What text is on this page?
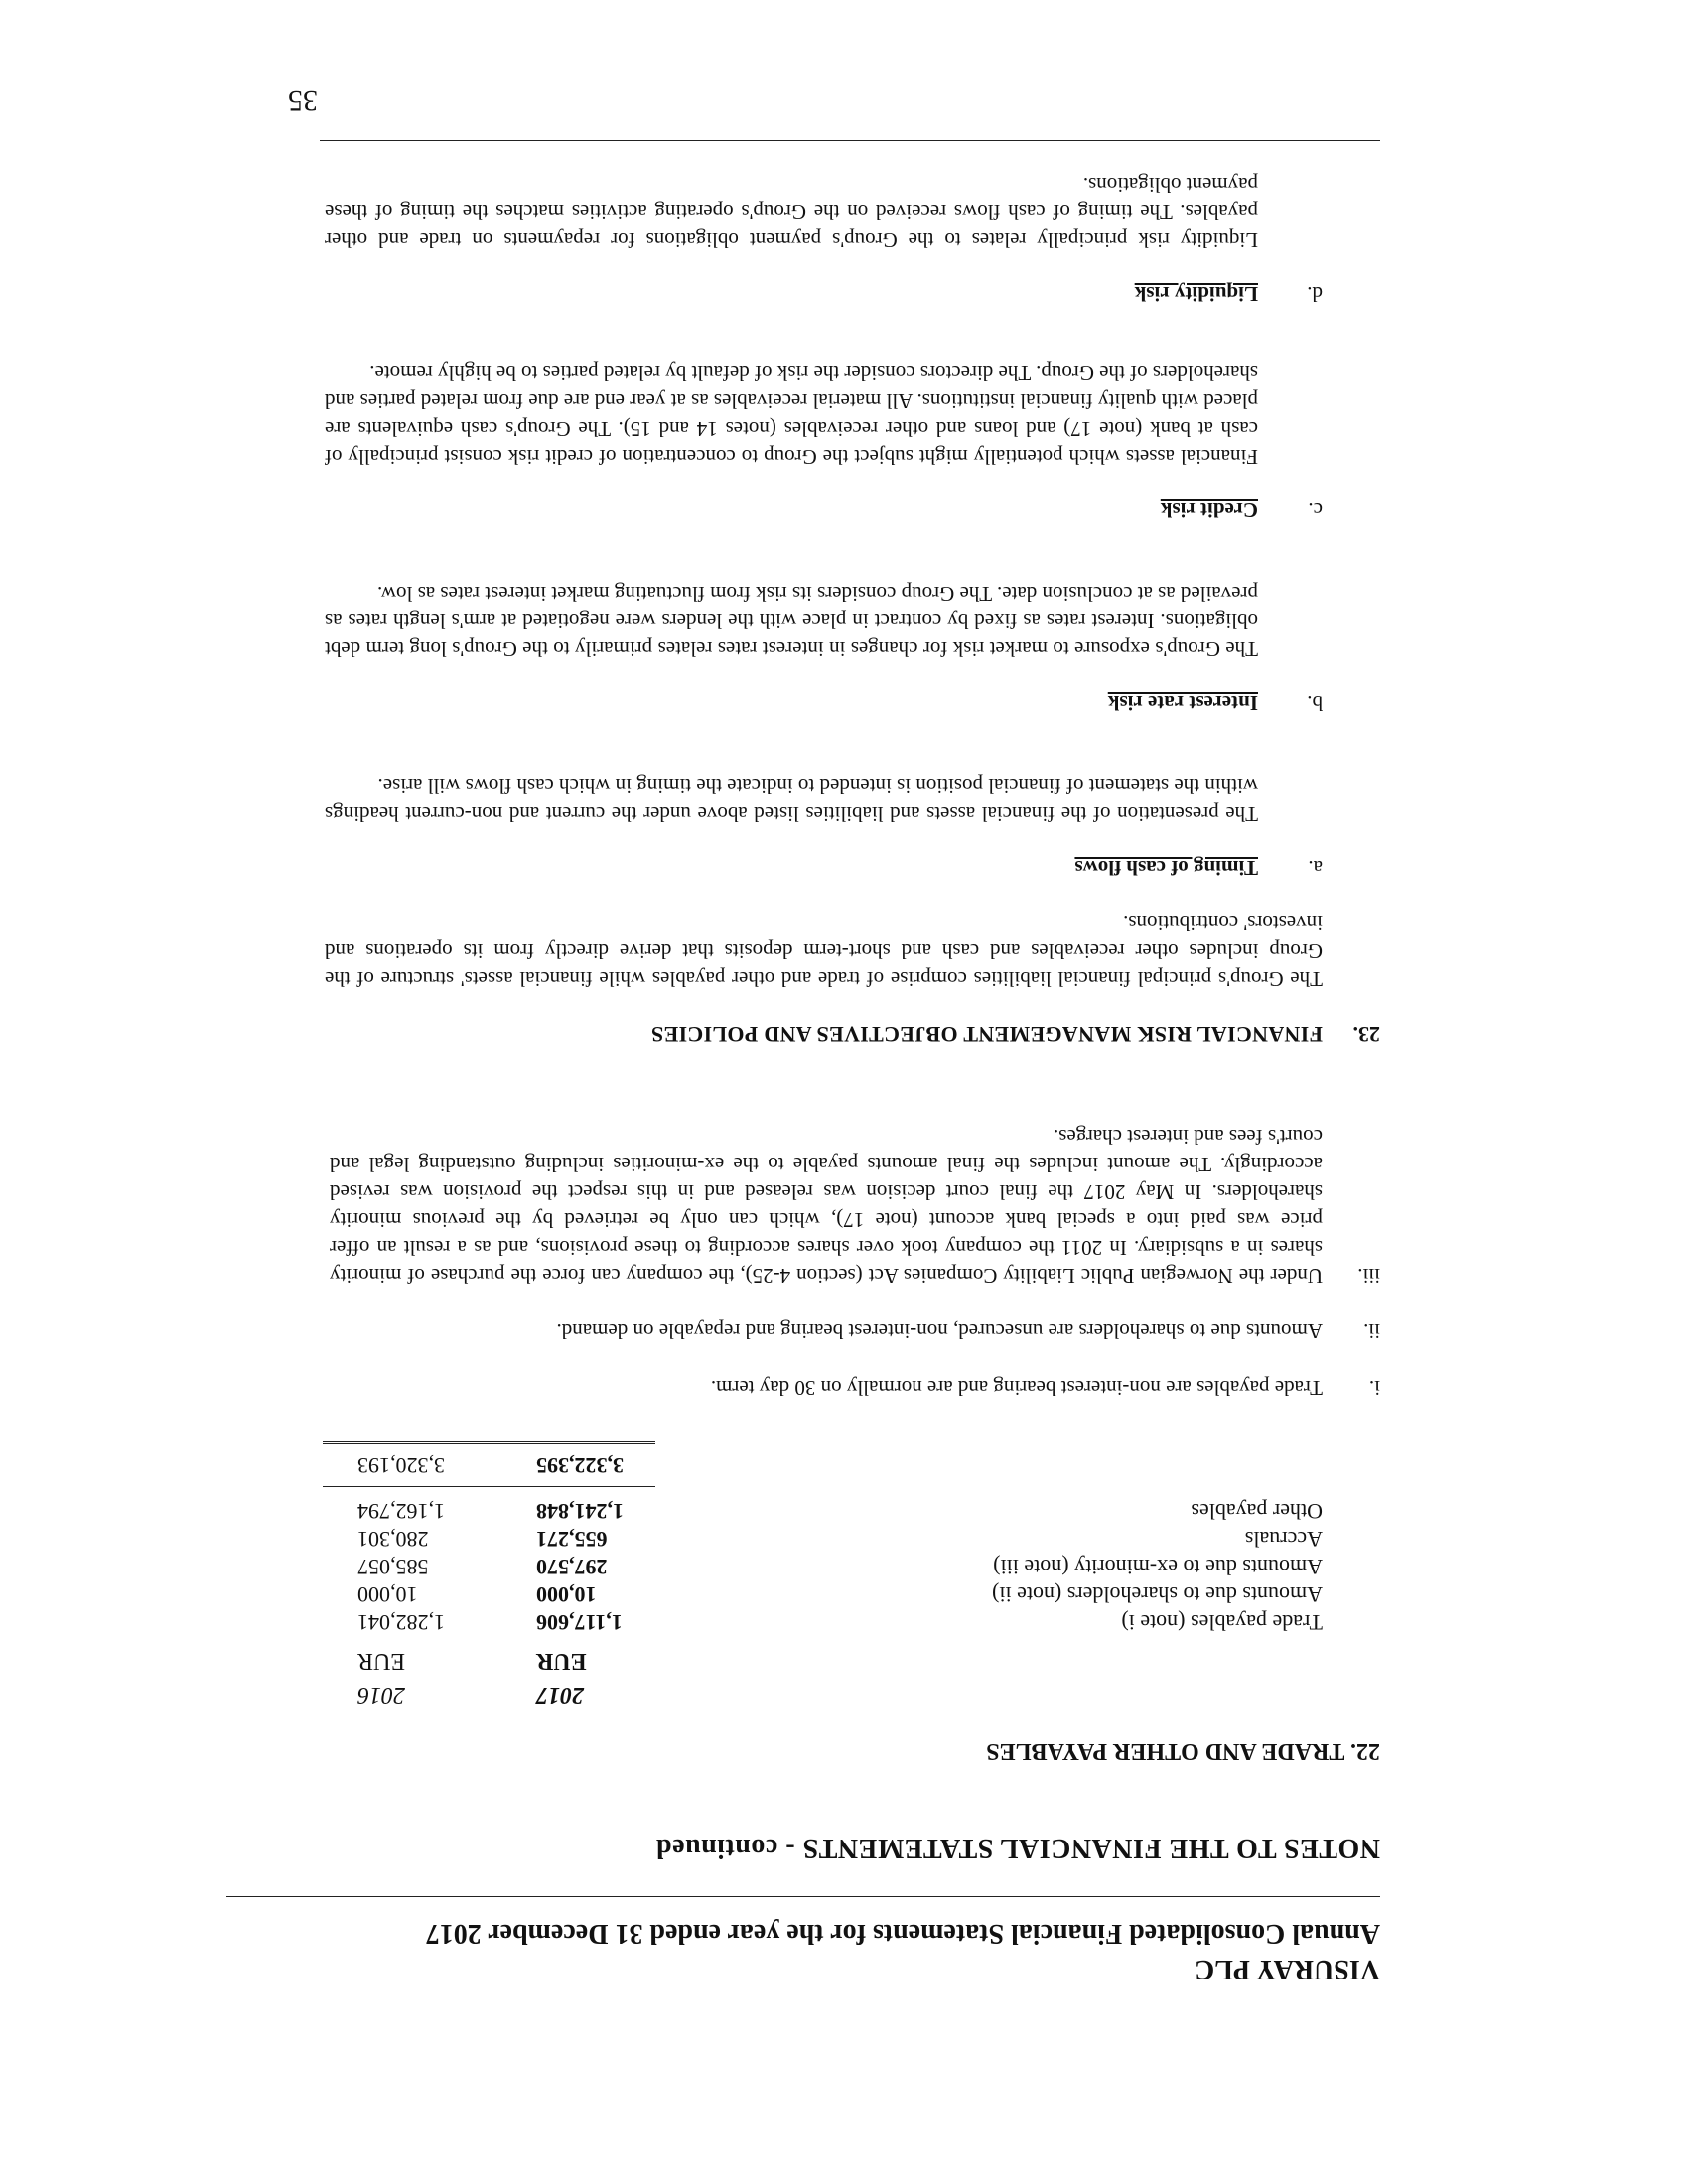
VISURAY PLC
Annual Consolidated Financial Statements for the year ended 31 December 2017
NOTES TO THE FINANCIAL STATEMENTS - continued
22. TRADE AND OTHER PAYABLES
2017
2016
EUR
EUR
Trade payables (note i)
1,117,606
1,282,041
Amounts due to shareholders (note ii)
10,000
10,000
Amounts due to ex-minority (note iii)
297,570
585,057
Accruals
655,271
280,301
Other payables
1,241,848
1,162,794
3,322,395
3,320,193
i.
Trade payables are non-interest bearing and are normally on 30 day term.
ii.
Amounts due to shareholders are unsecured, non-interest bearing and repayable on demand.
iii.
Under the Norwegian Public Liability Companies Act (section 4-25), the company can force the purchase of minority shares in a subsidiary. In 2011 the company took over shares according to these provisions, and as a result an offer price was paid into a special bank account (note 17), which can only be retrieved by the previous minority shareholders. In May 2017 the final court decision was released and in this respect the provision was revised accordingly. The amount includes the final amounts payable to the ex-minorities including outstanding legal and court's fees and interest charges.
23.
FINANCIAL RISK MANAGEMENT OBJECTIVES AND POLICIES
The Group's principal financial liabilities comprise of trade and other payables while financial assets' structure of the Group includes other receivables and cash and short-term deposits that derive directly from its operations and investors' contributions.
a.
Timing of cash flows
The presentation of the financial assets and liabilities listed above under the current and non-current headings within the statement of financial position is intended to indicate the timing in which cash flows will arise.
b.
Interest rate risk
The Group's exposure to market risk for changes in interest rates relates primarily to the Group's long term debt obligations. Interest rates as fixed by contract in place with the lenders were negotiated at arm's length rates as prevailed as at conclusion date. The Group considers its risk from fluctuating market interest rates as low.
c.
Credit risk
Financial assets which potentially might subject the Group to concentration of credit risk consist principally of cash at bank (note 17) and loans and other receivables (notes 14 and 15). The Group's cash equivalents are placed with quality financial institutions. All material receivables as at year end are due from related parties and shareholders of the Group. The directors consider the risk of default by related parties to be highly remote.
d.
Liquidity risk
Liquidity risk principally relates to the Group's payment obligations for repayments on trade and other payables. The timing of cash flows received on the Group's operating activities matches the timing of these payment obligations.
35
